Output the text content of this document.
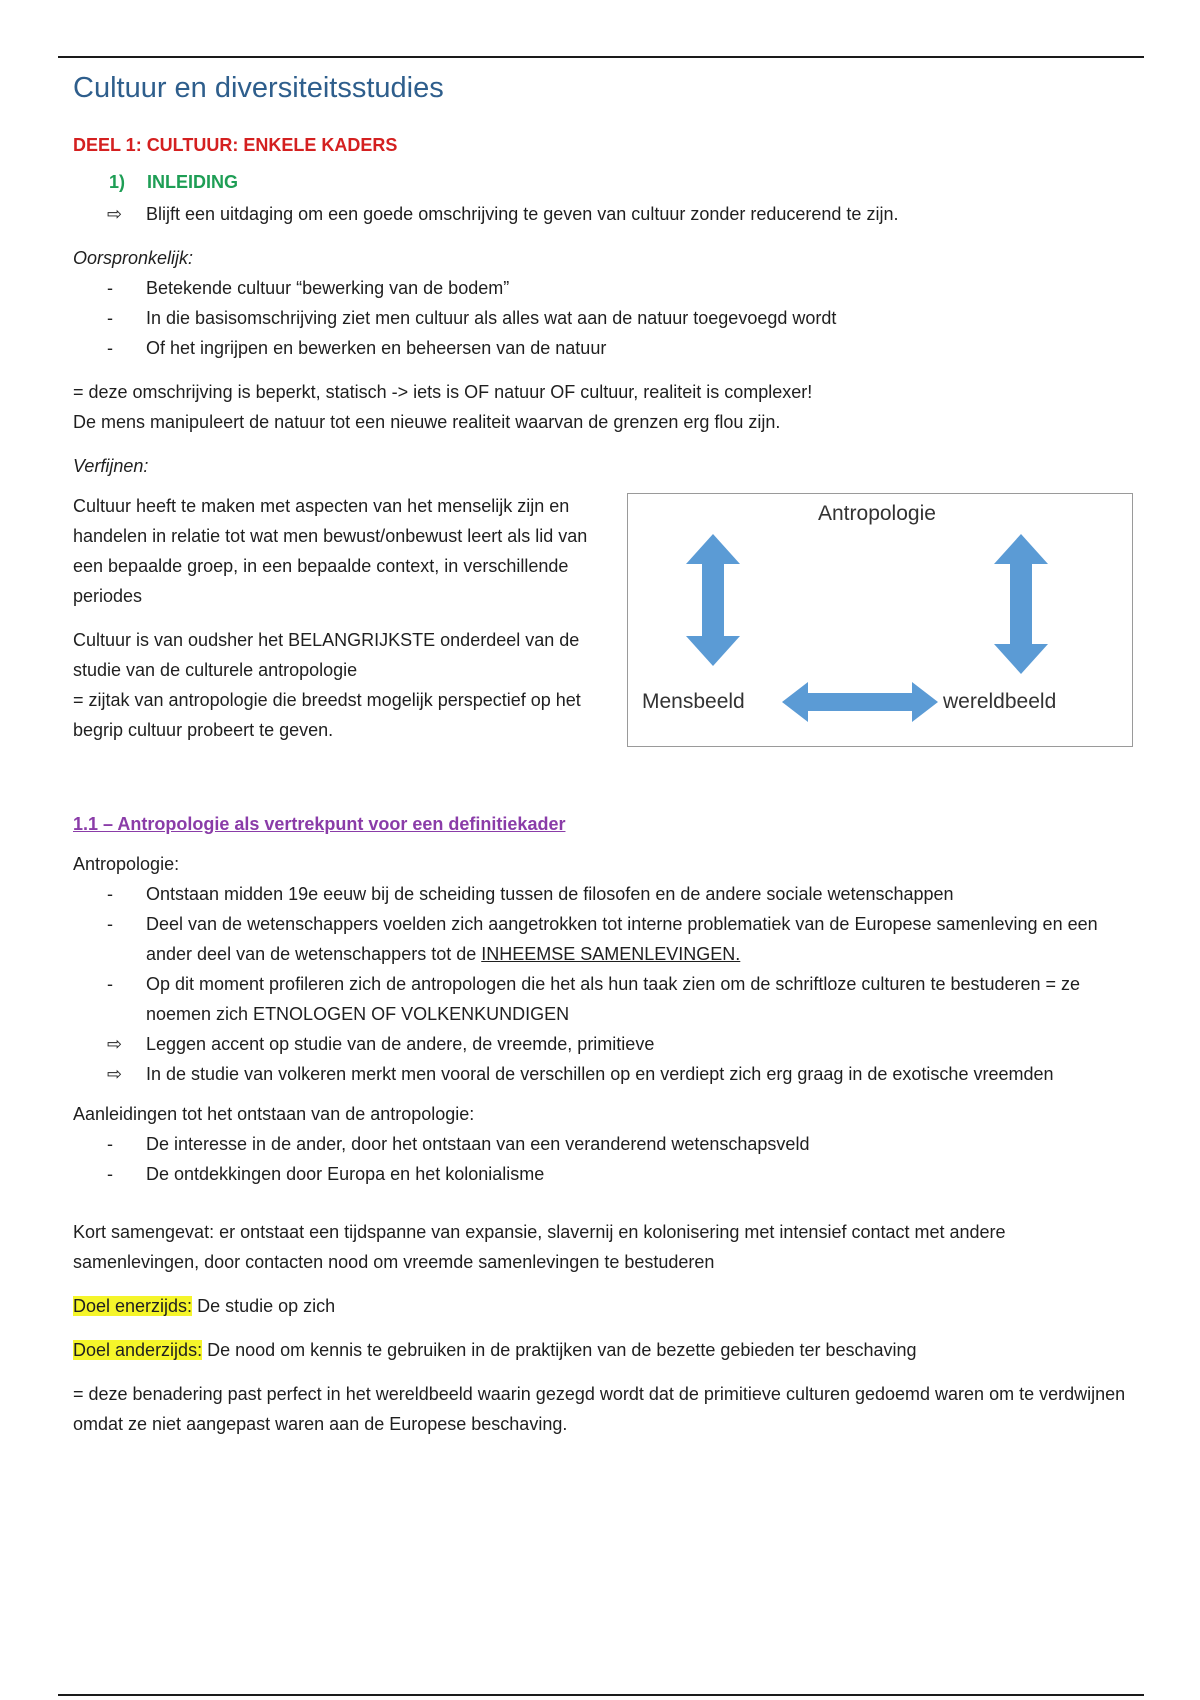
Cultuur en diversiteitsstudies
DEEL 1: CULTUUR: ENKELE KADERS
1)	INLEIDING
⇨	Blijft een uitdaging om een goede omschrijving te geven van cultuur zonder reducerend te zijn.

Oorspronkelijk:

-	Betekende cultuur “bewerking van de bodem”
-	In die basisomschrijving ziet men cultuur als alles wat aan de natuur toegevoegd wordt
-	Of het ingrijpen en bewerken en beheersen van de natuur

= deze omschrijving is beperkt, statisch -> iets is OF natuur OF cultuur, realiteit is complexer!

De mens manipuleert de natuur tot een nieuwe realiteit waarvan de grenzen erg flou zijn.

Verfijnen:

Cultuur heeft te maken met aspecten van het menselijk zijn en handelen in relatie tot wat men bewust/onbewust leert als lid van een bepaalde groep, in een bepaalde context, in verschillende periodes

Cultuur is van oudsher het BELANGRIJKSTE onderdeel van de studie van de culturele antropologie

= zijtak van antropologie die breedst mogelijk perspectief op het begrip cultuur probeert te geven.

Antropologie
Mensbeeld	wereldbeeld

1.1 – Antropologie als vertrekpunt voor een definitiekader

Antropologie:

-	Ontstaan midden 19e eeuw bij de scheiding tussen de filosofen en de andere sociale wetenschappen
-	Deel van de wetenschappers voelden zich aangetrokken tot interne problematiek van de Europese samenleving en een ander deel van de wetenschappers tot de INHEEMSE SAMENLEVINGEN.
-	Op dit moment profileren zich de antropologen die het als hun taak zien om de schriftloze culturen te bestuderen = ze noemen zich ETNOLOGEN OF VOLKENKUNDIGEN
⇨	Leggen accent op studie van de andere, de vreemde, primitieve
⇨	In de studie van volkeren merkt men vooral de verschillen op en verdiept zich erg graag in de exotische vreemden

Aanleidingen tot het ontstaan van de antropologie:

-	De interesse in de ander, door het ontstaan van een veranderend wetenschapsveld
-	De ontdekkingen door Europa en het kolonialisme

Kort samengevat: er ontstaat een tijdspanne van expansie, slavernij en kolonisering met intensief contact met andere samenlevingen, door contacten nood om vreemde samenlevingen te bestuderen

Doel enerzijds: De studie op zich

Doel anderzijds: De nood om kennis te gebruiken in de praktijken van de bezette gebieden ter beschaving

= deze benadering past perfect in het wereldbeeld waarin gezegd wordt dat de primitieve culturen gedoemd waren om te verdwijnen omdat ze niet aangepast waren aan de Europese beschaving.
